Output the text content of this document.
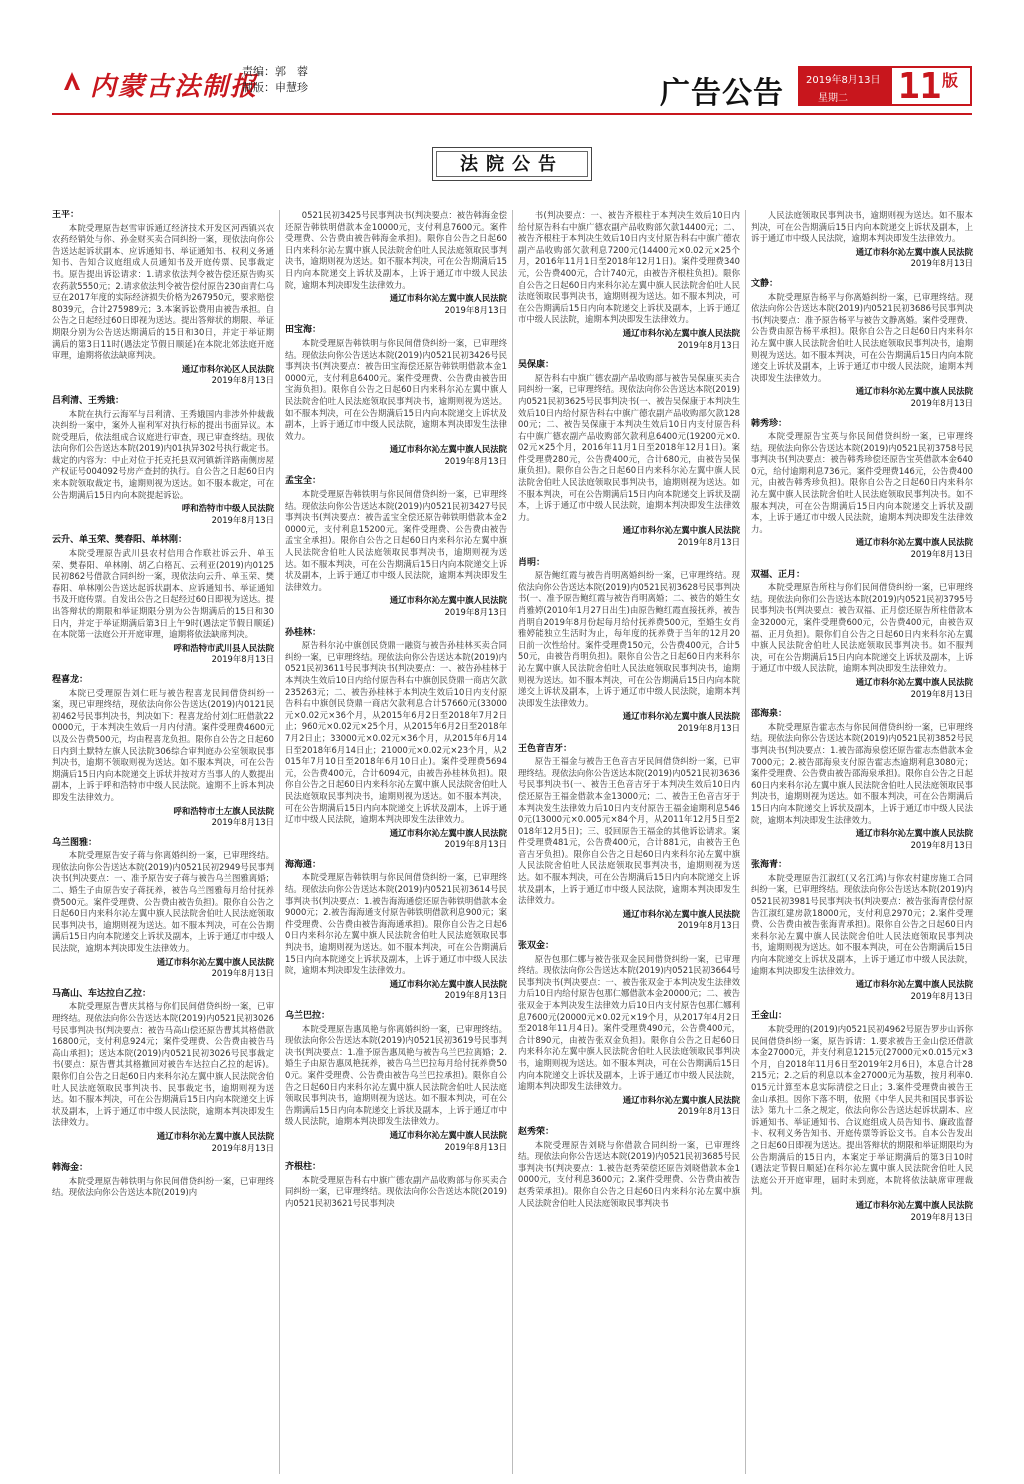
内蒙古法制报
责编：郭　蓉
制版：申慧珍	广告公告 2019年8月13日
星期二 11 版
法院公告
王平：
本院受理原告赵雪审诉通辽经济技术开发区河西镇兴农农药经销处与你、孙金财买卖合同纠纷一案，现依法向你公告送达起诉状副本、应诉通知书、举证通知书、权利义务通知书、告知合议庭组成人员通知书及开庭传票、民事裁定书。原告提出诉讼请求：1.请求依法判令被告偿还原告购买农药款5550元；2.请求依法判令被告偿付原告230亩青仁乌豆在2017年度的实际经济损失价格为267950元，要求赔偿8039元，合计275989元；3.本案诉讼费用由被告承担。自公告之日起经过60日即视为送达。提出答辩状的期限、举证期限分别为公告送达期满后的15日和30日，并定于举证期满后的第3日11时(遇法定节假日顺延)在本院北郊法庭开庭审理，逾期将依法缺席判决。
通辽市科尔沁区人民法院
2019年8月13日
吕利清、王秀娥：
本院在执行云海军与吕利清、王秀娥国内非涉外仲裁裁决纠纷一案中，案外人崔利军对执行标的提出书面异议。本院受理后，依法组成合议庭进行审查，现已审查终结。现依法向你们公告送达本院(2019)内01执异302号执行裁定书。裁定的内容为：中止对位于托克托县双河镇新洋路南侧房屋产权证号004092号房产查封的执行。自公告之日起60日内来本院领取裁定书，逾期则视为送达。如不服本裁定，可在公告期满后15日内向本院提起诉讼。
呼和浩特市中级人民法院
2019年8月13日
云升、单玉荣、樊春阳、单林刚：
本院受理原告武川县农村信用合作联社诉云升、单玉荣、樊春阳、单林刚、胡乙白格瓦、云利亚(2019)内0125民初862号借款合同纠纷一案，现依法向云升、单玉荣、樊春阳、单林刚公告送达起诉状副本、应诉通知书、举证通知书及开庭传票。自发出公告之日起经过60日即视为送达。提出答辩状的期限和举证期限分别为公告期满后的15日和30日内，并定于举证期满后第3日上午9时(遇法定节假日顺延)在本院第一法庭公开开庭审理，逾期将依法缺席判决。
呼和浩特市武川县人民法院
2019年8月13日
程喜龙：
本院已受理原告刘仁旺与被告程喜龙民间借贷纠纷一案，现已审理终结，现依法向你公告送达(2019)内0121民初462号民事判决书，判决如下：程喜龙给付刘仁旺借款220000元，于本判决生效后一月内付清。案件受理费4600元以及公告费500元，均由程喜龙负担。限你自公告之日起60日内到土默特左旗人民法院306综合审判庭办公室领取民事判决书，逾期不领取则视为送达。如不服本判决，可在公告期满后15日内向本院递交上诉状并按对方当事人的人数提出副本，上诉于呼和浩特市中级人民法院。逾期不上诉本判决即发生法律效力。
呼和浩特市土左旗人民法院
2019年8月13日
乌兰图雅：
本院受理原告安子蒋与你离婚纠纷一案，已审理终结。现依法向你公告送达本院(2019)内0521民初2949号民事判决书(判决要点：一、准予原告安子蒋与被告乌兰图雅离婚；二、婚生子由原告安子蒋抚养，被告乌兰图雅每月给付抚养费500元。案件受理费、公告费由被告负担)。限你自公告之日起60日内来科尔沁左翼中旗人民法院舍伯吐人民法庭领取民事判决书，逾期则视为送达。如不服本判决，可在公告期满后15日内向本院递交上诉状及副本，上诉于通辽市中级人民法院，逾期本判决即发生法律效力。
通辽市科尔沁左翼中旗人民法院
2019年8月13日
马高山、车达拉白乙拉：
本院受理原告曹庆其格与你们民间借贷纠纷一案，已审理终结。现依法向你公告送达本院(2019)内0521民初3026号民事判决书(判决要点：被告马高山偿还原告曹其其格借款16800元，支付利息924元；案件受理费、公告费由被告马高山承担)；送达本院(2019)内0521民初3026号民事裁定书(要点：原告曹其其格撤回对被告车达拉白乙拉的起诉)。限你们自公告之日起60日内来科尔沁左翼中旗人民法院舍伯吐人民法庭领取民事判决书、民事裁定书，逾期则视为送达。如不服本判决，可在公告期满后15日内向本院递交上诉状及副本，上诉于通辽市中级人民法院，逾期本判决即发生法律效力。
通辽市科尔沁左翼中旗人民法院
2019年8月13日
韩海金：
本院受理原告韩铁明与你民间借贷纠纷一案，已审理终结。现依法向你公告送达本院(2019)内
0521民初3425号民事判决书(判决要点：被告韩海金偿还原告韩铁明借款本金10000元，支付利息7600元。案件受理费、公告费由被告韩海金承担)。限你自公告之日起60日内来科尔沁左翼中旗人民法院舍伯吐人民法庭领取民事判决书，逾期则视为送达。如不服本判决，可在公告期满后15日内向本院递交上诉状及副本，上诉于通辽市中级人民法院，逾期本判决即发生法律效力。
通辽市科尔沁左翼中旗人民法院
2019年8月13日
田宝海：
本院受理原告韩铁明与你民间借贷纠纷一案，已审理终结。现依法向你公告送达本院(2019)内0521民初3426号民事判决书(判决要点：被告田宝海偿还原告韩铁明借款本金10000元，支付利息6400元。案件受理费、公告费由被告田宝海负担)。限你自公告之日起60日内来科尔沁左翼中旗人民法院舍伯吐人民法庭领取民事判决书，逾期则视为送达。如不服本判决，可在公告期满后15日内向本院递交上诉状及副本，上诉于通辽市中级人民法院，逾期本判决即发生法律效力。
通辽市科尔沁左翼中旗人民法院
2019年8月13日
孟宝全：
本院受理原告韩铁明与你民间借贷纠纷一案，已审理终结。现依法向你公告送达本院(2019)内0521民初3427号民事判决书(判决要点：被告孟宝全偿还原告韩铁明借款本金20000元，支付利息15200元。案件受理费、公告费由被告孟宝全承担)。限你自公告之日起60日内来科尔沁左翼中旗人民法院舍伯吐人民法庭领取民事判决书，逾期则视为送达。如不服本判决，可在公告期满后15日内向本院递交上诉状及副本，上诉于通辽市中级人民法院，逾期本判决即发生法律效力。
通辽市科尔沁左翼中旗人民法院
2019年8月13日
孙桂林：
原告科尔沁中旗创民贷鼎一融资与被告孙桂林买卖合同纠纷一案，已审理终结。现依法向你公告送达本院(2019)内0521民初3611号民事判决书(判决要点：一、被告孙桂林于本判决生效后10日内给付原告科右中旗创民贷鼎一商店欠款235263元；二、被告孙桂林于本判决生效后10日内支付原告科右中旗创民贷鼎一商店欠款利息合计57660元(33000元×0.02元×36个月，从2015年6月2日至2018年7月2日止；960元×0.02元×25个月，从2015年6月2日至2018年7月2日止；33000元×0.02元×36个月，从2015年6月14日至2018年6月14日止；21000元×0.02元×23个月，从2015年7月10日至2018年6月10日止)。案件受理费5694元，公告费400元，合计6094元，由被告孙桂林负担)。限你自公告之日起60日内来科尔沁左翼中旗人民法院舍伯吐人民法庭领取民事判决书，逾期则视为送达。如不服本判决，可在公告期满后15日内向本院递交上诉状及副本，上诉于通辽市中级人民法院，逾期本判决即发生法律效力。
通辽市科尔沁左翼中旗人民法院
2019年8月13日
海海通：
本院受理原告韩铁明与你民间借贷纠纷一案，已审理终结。现依法向你公告送达本院(2019)内0521民初3614号民事判决书(判决要点：1.被告海海通偿还原告韩铁明借款本金9000元；2.被告海海通支付原告韩铁明借款利息900元；案件受理费、公告费由被告海海通承担)。限你自公告之日起60日内来科尔沁左翼中旗人民法院舍伯吐人民法庭领取民事判决书，逾期则视为送达。如不服本判决，可在公告期满后15日内向本院递交上诉状及副本，上诉于通辽市中级人民法院，逾期本判决即发生法律效力。
通辽市科尔沁左翼中旗人民法院
2019年8月13日
乌兰巴拉：
本院受理原告惠凤艳与你离婚纠纷一案，已审理终结。现依法向你公告送达本院(2019)内0521民初3619号民事判决书(判决要点：1.准予原告惠凤艳与被告乌兰巴拉离婚；2.婚生子由原告惠凤艳抚养，被告乌兰巴拉每月给付抚养费500元。案件受理费、公告费由被告乌兰巴拉承担)。限你自公告之日起60日内来科尔沁左翼中旗人民法院舍伯吐人民法庭领取民事判决书，逾期则视为送达。如不服本判决，可在公告期满后15日内向本院递交上诉状及副本，上诉于通辽市中级人民法院，逾期本判决即发生法律效力。
通辽市科尔沁左翼中旗人民法院
2019年8月13日
齐根柱：
本院受理原告科右中旗广德农副产品收购部与你买卖合同纠纷一案，已审理终结。现依法向你公告送达本院(2019)内0521民初3621号民事判决
书(判决要点：一、被告齐根柱于本判决生效后10日内给付原告科右中旗广德农副产品收购部欠款14400元；二、被告齐根柱于本判决生效后10日内支付原告科右中旗广德农副产品收购部欠款利息7200元(14400元×0.02元×25个月，2016年11月1日至2018年12月1日)。案件受理费340元，公告费400元，合计740元，由被告齐根柱负担)。限你自公告之日起60日内来科尔沁左翼中旗人民法院舍伯吐人民法庭领取民事判决书，逾期则视为送达。如不服本判决，可在公告期满后15日内向本院递交上诉状及副本，上诉于通辽市中级人民法院，逾期本判决即发生法律效力。
通辽市科尔沁左翼中旗人民法院
2019年8月13日
吴保康：
原告科右中旗广德农副产品收购部与被告吴保康买卖合同纠纷一案，已审理终结。现依法向你公告送达本院(2019)内0521民初3625号民事判决书(一、被告吴保康于本判决生效后10日内给付原告科右中旗广德农副产品收购部欠款12800元；二、被告吴保康于本判决生效后10日内支付原告科右中旗广德农副产品收购部欠款利息6400元(19200元×0.02元×25个月，2016年11月1日至2018年12月1日)。案件受理费280元，公告费400元，合计680元，由被告吴保康负担)。限你自公告之日起60日内来科尔沁左翼中旗人民法院舍伯吐人民法庭领取民事判决书，逾期则视为送达。如不服本判决，可在公告期满后15日内向本院递交上诉状及副本，上诉于通辽市中级人民法院，逾期本判决即发生法律效力。
通辽市科尔沁左翼中旗人民法院
2019年8月13日
肖明：
原告鲍红霞与被告肖明离婚纠纷一案，已审理终结。现依法向你公告送达本院(2019)内0521民初3628号民事判决书(一、准予原告鲍红霞与被告肖明离婚；二、被告的婚生女肖雅婷(2010年1月27日出生)由原告鲍红霞直接抚养，被告肖明自2019年8月份起每月给付抚养费500元，至婚生女肖雅婷能独立生活时为止，每年度的抚养费于当年的12月20日前一次性给付。案件受理费150元，公告费400元，合计550元，由被告肖明负担)。限你自公告之日起60日内来科尔沁左翼中旗人民法院舍伯吐人民法庭领取民事判决书，逾期则视为送达。如不服本判决，可在公告期满后15日内向本院递交上诉状及副本，上诉于通辽市中级人民法院，逾期本判决即发生法律效力。
通辽市科尔沁左翼中旗人民法院
2019年8月13日
王色音吉牙：
原告王福金与被告王色音吉牙民间借贷纠纷一案，已审理终结。现依法向你公告送达本院(2019)内0521民初3636号民事判决书(一、被告王色音吉牙于本判决生效后10日内偿还原告王福金借款本金13000元；二、被告王色音吉牙于本判决发生法律效力后10日内支付原告王福金逾期利息5460元(13000元×0.005元×84个月，从2011年12月5日至2018年12月5日)；三、驳回原告王福金的其他诉讼请求。案件受理费481元，公告费400元，合计881元，由被告王色音吉牙负担)。限你自公告之日起60日内来科尔沁左翼中旗人民法院舍伯吐人民法庭领取民事判决书，逾期则视为送达。如不服本判决，可在公告期满后15日内向本院递交上诉状及副本，上诉于通辽市中级人民法院，逾期本判决即发生法律效力。
通辽市科尔沁左翼中旗人民法院
2019年8月13日
张双金：
原告包那仁娜与被告张双金民间借贷纠纷一案，已审理终结。现依法向你公告送达本院(2019)内0521民初3664号民事判决书(判决要点：一、被告张双金于本判决发生法律效力后10日内给付原告包那仁娜借款本金20000元；二、被告张双金于本判决发生法律效力后10日内支付原告包那仁娜利息7600元(20000元×0.02元×19个月，从2017年4月2日至2018年11月4日)。案件受理费490元，公告费400元，合计890元，由被告张双金负担)。限你自公告之日起60日内来科尔沁左翼中旗人民法院舍伯吐人民法庭领取民事判决书，逾期则视为送达。如不服本判决，可在公告期满后15日内向本院递交上诉状及副本，上诉于通辽市中级人民法院，逾期本判决即发生法律效力。
通辽市科尔沁左翼中旗人民法院
2019年8月13日
赵秀荣：
本院受理原告刘晓与你借款合同纠纷一案，已审理终结。现依法向你公告送达本院(2019)内0521民初3685号民事判决书(判决要点：1.被告赵秀荣偿还原告刘晓借款本金10000元，支付利息3600元；2.案件受理费、公告费由被告赵秀荣承担)。限你自公告之日起60日内来科尔沁左翼中旗人民法院舍伯吐人民法庭领取民事判决书
人民法庭领取民事判决书，逾期则视为送达。如不服本判决，可在公告期满后15日内向本院递交上诉状及副本，上诉于通辽市中级人民法院，逾期本判决即发生法律效力。
通辽市科尔沁左翼中旗人民法院
2019年8月13日
文静：
本院受理原告杨平与你离婚纠纷一案，已审理终结。现依法向你公告送达本院(2019)内0521民初3686号民事判决书(判决要点：准予原告杨平与被告文静离婚。案件受理费、公告费由原告杨平承担)。限你自公告之日起60日内来科尔沁左翼中旗人民法院舍伯吐人民法庭领取民事判决书，逾期则视为送达。如不服本判决，可在公告期满后15日内向本院递交上诉状及副本，上诉于通辽市中级人民法院，逾期本判决即发生法律效力。
通辽市科尔沁左翼中旗人民法院
2019年8月13日
韩秀珍：
本院受理原告宝英与你民间借贷纠纷一案，已审理终结。现依法向你公告送达本院(2019)内0521民初3758号民事判决书(判决要点：被告韩秀珍偿还原告宝英借款本金6400元，给付逾期利息736元。案件受理费146元，公告费400元，由被告韩秀珍负担)。限你自公告之日起60日内来科尔沁左翼中旗人民法院舍伯吐人民法庭领取民事判决书。如不服本判决，可在公告期满后15日内向本院递交上诉状及副本，上诉于通辽市中级人民法院，逾期本判决即发生法律效力。
通辽市科尔沁左翼中旗人民法院
2019年8月13日
双福、正月：
本院受理原告所柱与你们民间借贷纠纷一案，已审理终结。现依法向你们公告送达本院(2019)内0521民初3795号民事判决书(判决要点：被告双福、正月偿还原告所柱借款本金32000元，案件受理费600元，公告费400元，由被告双福、正月负担)。限你们自公告之日起60日内来科尔沁左翼中旗人民法院舍伯吐人民法庭领取民事判决书。如不服判决，可在公告期满后15日内向本院递交上诉状及副本，上诉于通辽市中级人民法院，逾期本判决即发生法律效力。
通辽市科尔沁左翼中旗人民法院
2019年8月13日
邵海泉：
本院受理原告霍志杰与你民间借贷纠纷一案，已审理终结。现依法向你公告送达本院(2019)内0521民初3852号民事判决书(判决要点：1.被告邵海泉偿还原告霍志杰借款本金7000元；2.被告邵海泉支付原告霍志杰逾期利息3080元；案件受理费、公告费由被告邵海泉承担)。限你自公告之日起60日内来科尔沁左翼中旗人民法院舍伯吐人民法庭领取民事判决书，逾期则视为送达。如不服本判决，可在公告期满后15日内向本院递交上诉状及副本，上诉于通辽市中级人民法院，逾期本判决即发生法律效力。
通辽市科尔沁左翼中旗人民法院
2019年8月13日
张海青：
本院受理原告江淑红(又名江鸿)与你农村建房施工合同纠纷一案，已审理终结。现依法向你公告送达本院(2019)内0521民初3981号民事判决书(判决要点：被告张海青偿付原告江淑红建房款18000元，支付利息2970元；2.案件受理费、公告费由被告张海青承担)。限你自公告之日起60日内来科尔沁左翼中旗人民法院舍伯吐人民法庭领取民事判决书，逾期则视为送达。如不服本判决，可在公告期满后15日内向本院递交上诉状及副本，上诉于通辽市中级人民法院，逾期本判决即发生法律效力。
通辽市科尔沁左翼中旗人民法院
2019年8月13日
王金山：
本院受理的(2019)内0521民初4962号原告罗步山诉你民间借贷纠纷一案，原告诉请：1.要求被告王金山偿还借款本金27000元，并支付利息1215元(27000元×0.015元×3个月，自2018年11月6日至2019年2月6日)，本息合计28215元；2.之后的利息以本金27000元为基数，按月利率0.015元计算至本息实际清偿之日止；3.案件受理费由被告王金山承担。因你下落不明，依照《中华人民共和国民事诉讼法》第九十二条之规定，依法向你公告送达起诉状副本、应诉通知书、举证通知书、合议庭组成人员告知书、廉政监督卡、权利义务告知书、开庭传票等诉讼文书。自本公告发出之日起60日即视为送达。提出答辩状的期限和举证期限均为公告期满后的15日内，本案定于举证期满后的第3日10时(遇法定节假日顺延)在科尔沁左翼中旗人民法院舍伯吐人民法庭公开开庭审理，届时未到庭，本院将依法缺席审理裁判。
通辽市科尔沁左翼中旗人民法院
2019年8月13日
